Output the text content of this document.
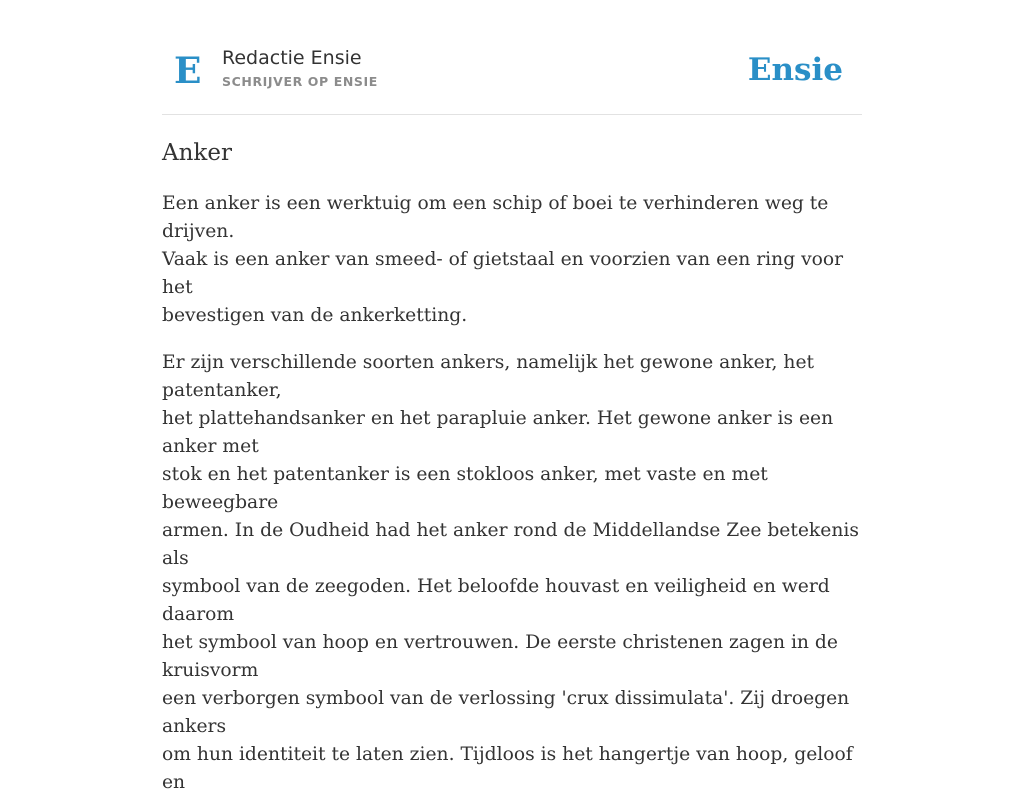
E Redactie Ensie
SCHRIJVER OP ENSIE	Ensie
Anker

Een anker is een werktuig om een schip of boei te verhinderen weg te drijven.
Vaak is een anker van smeed- of gietstaal en voorzien van een ring voor het
bevestigen van de ankerketting.

Er zijn verschillende soorten ankers, namelijk het gewone anker, het patentanker,
het plattehandsanker en het parapluie anker. Het gewone anker is een anker met
stok en het patentanker is een stokloos anker, met vaste en met beweegbare
armen. In de Oudheid had het anker rond de Middellandse Zee betekenis als
symbool van de zeegoden. Het beloofde houvast en veiligheid en werd daarom
het symbool van hoop en vertrouwen. De eerste christenen zagen in de kruisvorm
een verborgen symbool van de verlossing 'crux dissimulata'. Zij droegen ankers
om hun identiteit te laten zien. Tijdloos is het hangertje van hoop, geloof en
